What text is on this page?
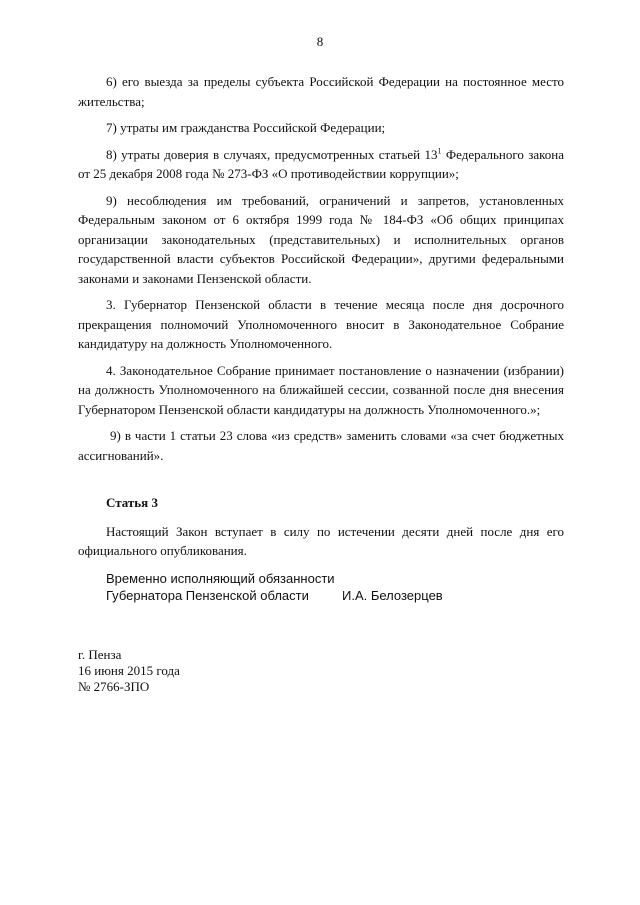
8

6) его выезда за пределы субъекта Российской Федерации на постоянное место жительства;

7) утраты им гражданства Российской Федерации;

8) утраты доверия в случаях, предусмотренных статьей $13^1$ Федерального закона от 25 декабря 2008 года № 273-ФЗ «О противодействии коррупции»;

9) несоблюдения им требований, ограничений и запретов, установленных Федеральным законом от 6 октября 1999 года № 184-ФЗ «Об общих принципах организации законодательных (представительных) и исполнительных органов государственной власти субъектов Российской Федерации», другими федеральными законами и законами Пензенской области.

3. Губернатор Пензенской области в течение месяца после дня досрочного прекращения полномочий Уполномоченного вносит в Законодательное Собрание кандидатуру на должность Уполномоченного.

4. Законодательное Собрание принимает постановление о назначении (избрании) на должность Уполномоченного на ближайшей сессии, созванной после дня внесения Губернатором Пензенской области кандидатуры на должность Уполномоченного.»;

9) в части 1 статьи 23 слова «из средств» заменить словами «за счет бюджетных ассигнований».

Статья 3

Настоящий Закон вступает в силу по истечении десяти дней после дня его официального опубликования.

Временно исполняющий обязанности
Губернатора Пензенской области	И.А. Белозерцев
г. Пенза
16 июня 2015 года
№ 2766-ЗПО
